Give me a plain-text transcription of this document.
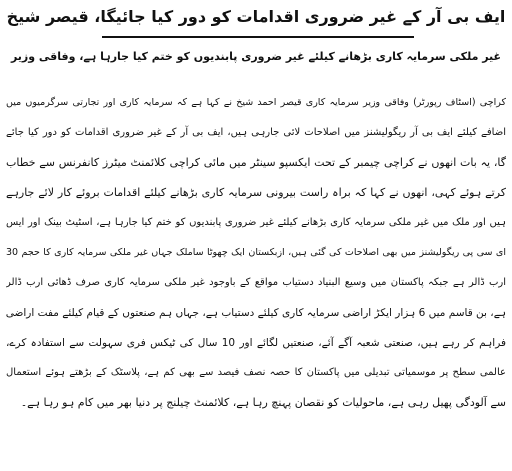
ایف بی آر کے غیر ضروری اقدامات کو دور کیا جائیگا، قیصر شیخ
غیر ملکی سرمایہ کاری بڑھانے کیلئے غیر ضروری پابندیوں کو ختم کیا جارہا ہے، وفاقی وزیر
کراچی (اسٹاف رپورٹر) وفاقی وزیر سرمایہ کاری قیصر احمد شیخ نے کہا ہے کہ سرمایہ کاری اور تجارتی سرگرمیوں میں
اضافے کیلئے ایف بی آر ریگولیشنز میں اصلاحات لائی جارہی ہیں، ایف بی آر کے غیر ضروری اقدامات کو دور کیا جائے
گا، یہ بات انھوں نے کراچی چیمبر کے تحت ایکسپو سینٹر میں مائی کراچی کلائمنٹ میٹرز کانفرنس سے خطاب
کرتے ہوئے کہی، انھوں نے کہا کہ براہ راست بیرونی سرمایہ کاری بڑھانے کیلئے اقدامات بروئے کار لائے جارہے
ہیں اور ملک میں غیر ملکی سرمایہ کاری بڑھانے کیلئے غیر ضروری پابندیوں کو ختم کیا جارہا ہے، اسٹیٹ بینک اور ایس
ای سی پی ریگولیشنز میں بھی اصلاحات کی گئی ہیں، ازبکستان ایک چھوٹا ساملک جہاں غیر ملکی سرمایہ کاری کا حجم 30
ارب ڈالر ہے جبکہ پاکستان میں وسیع البنیاد دستیاب مواقع کے باوجود غیر ملکی سرمایہ کاری صرف ڈھائی ارب ڈالر
ہے، بن قاسم میں 6 ہزار ایکڑ اراضی سرمایہ کاری کیلئے دستیاب ہے، جہاں ہم صنعتوں کے قیام کیلئے مفت اراضی
فراہم کر رہے ہیں، صنعتی شعبہ آگے آئے، صنعتیں لگائے اور 10 سال کی ٹیکس فری سہولت سے استفادہ کرے،
عالمی سطح پر موسمیاتی تبدیلی میں پاکستان کا حصہ نصف فیصد سے بھی کم ہے، پلاسٹک کے بڑھتے ہوئے استعمال
سے آلودگی پھیل رہی ہے، ماحولیات کو نقصان پہنچ رہا ہے، کلائمنٹ چیلنج پر دنیا بھر میں کام ہو رہا ہے۔
